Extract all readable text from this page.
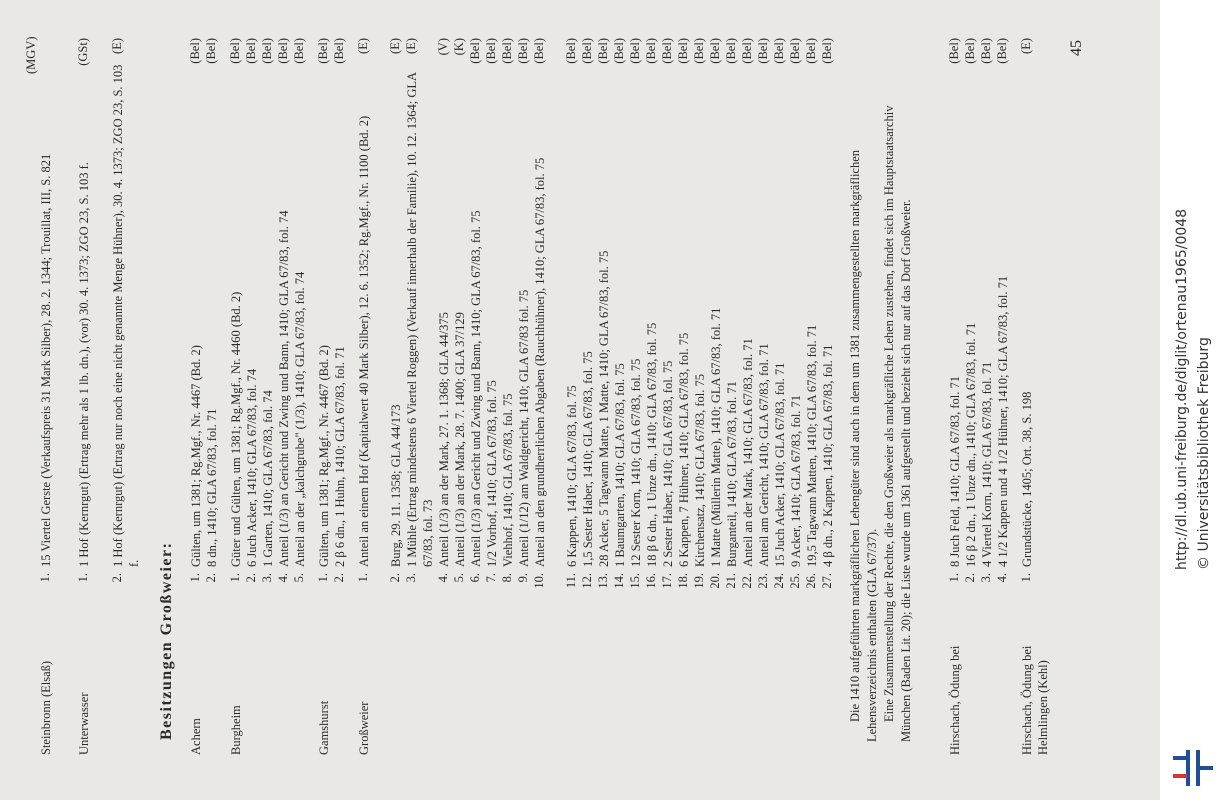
Steinbronn (Elsaß)
1.
15 Viertel Gerste (Verkaufspreis 31 Mark Silber), 28. 2. 1344; Trouillat, III, S. 821
(MGV)
Unterwasser
1.
1 Hof (Kernrgut) (Ertrag mehr als 1 lb. dn.), (vor) 30. 4. 1373; ZGO 23, S. 103 f.
(GSt)
2.
1 Hof (Kernrgut) (Ertrag nur noch eine nicht genannte Menge Hühner), 30. 4. 1373; ZGO 23, S. 103 f.
(E)
Besitzungen Großweier: Achern
1.
Gülten, um 1381; Rg.Mgf., Nr. 4467 (Bd. 2)
(Bel)
2.
8 dn., 1410; GLA 67/83, fol. 71
(Bel)
Burgheim
1.
Güter und Gülten, um 1381; Rg.Mgf., Nr. 4460 (Bd. 2)
(Bel)
2.
6 Juch Acker, 1410; GLA 67/83, fol. 74
(Bel)
3.
1 Garten, 1410; GLA 67/83, fol. 74
(Bel)
4.
Anteil (1/3) an Gericht und Zwing und Bann, 1410; GLA 67/83, fol. 74
(Bel)
5.
Anteil an der „kalchgrube" (1/3), 1410; GLA 67/83, fol. 74
(Bel)
Gamshurst
1.
Gülten, um 1381; Rg.Mgf., Nr. 4467 (Bd. 2)
(Bel)
2.
2 β 6 dn., 1 Huhn, 1410; GLA 67/83, fol. 71
(Bel)
Großweier
1.
Anteil an einem Hof (Kapitalwert 40 Mark Silber), 12. 6. 1352; Rg.Mgf., Nr. 1100 (Bd. 2)
(E)
2.
Burg, 29. 11. 1358; GLA 44/173
(E)
3.
1 Mühle (Ertrag mindestens 6 Viertel Roggen) (Verkauf innerhalb der Familie), 10. 12. 1364; GLA 67/83, fol. 73
(E)
4.
Anteil (1/3) an der Mark, 27. 1. 1368; GLA 44/375
(V)
5.
Anteil (1/3) an der Mark, 28. 7. 1400; GLA 37/129
(K)
6.
Anteil (1/3) an Gericht und Zwing und Bann, 1410; GLA 67/83, fol. 75
(Bel)
7.
1/2 Vorhof, 1410; GLA 67/83, fol. 75
(Bel)
8.
Viehhof, 1410; GLA 67/83, fol. 75
(Bel)
9.
Anteil (1/12) am Waldgericht, 1410; GLA 67/83 fol. 75
(Bel)
10.
Anteil an den grundherrlichen Abgaben (Rauchhühner), 1410; GLA 67/83, fol. 75
(Bel)
11.
6 Kappen, 1410; GLA 67/83, fol. 75
(Bel)
12.
1,5 Sester Haber, 1410; GLA 67/83, fol. 75
(Bel)
13.
28 Acker, 5 Tagwann Matte, 1 Matte, 1410; GLA 67/83, fol. 75
(Bel)
14.
1 Baumgarten, 1410; GLA 67/83, fol. 75
(Bel)
15.
12 Sester Korn, 1410; GLA 67/83, fol. 75
(Bel)
16.
18 β 6 dn., 1 Unze dn., 1410; GLA 67/83, fol. 75
(Bel)
17.
2 Sester Haber, 1410; GLA 67/83, fol. 75
(Bel)
18.
6 Kappen, 7 Hühner, 1410; GLA 67/83, fol. 75
(Bel)
19.
Kirchensatz, 1410; GLA 67/83, fol. 75
(Bel)
20.
1 Matte (Müllerin Matte), 1410; GLA 67/83, fol. 71
(Bel)
21.
Burganteil, 1410; GLA 67/83, fol. 71
(Bel)
22.
Anteil an der Mark, 1410; GLA 67/83, fol. 71
(Bel)
23.
Anteil am Gericht, 1410; GLA 67/83, fol. 71
(Bel)
24.
15 Juch Acker, 1410; GLA 67/83, fol. 71
(Bel)
25.
9 Acker, 1410; GLA 67/83, fol. 71
(Bel)
26.
19,5 Tagwann Matten, 1410; GLA 67/83, fol. 71
(Bel)
27.
4 β dn., 2 Kappen, 1410; GLA 67/83, fol. 71
(Bel)
Die 1410 aufgeführten markgräflichen Lehengüter sind auch in dem um 1381 zusammengestellten markgräflichen Lehensverzeichnis enthalten (GLA 67/37). Eine Zusammenstellung der Rechte, die den Großweier als markgräfliche Lehen zustehen, findet sich im Hauptstaatsarchiv München (Baden Lit. 20); die Liste wurde um 1361 aufgestellt und bezieht sich nur auf das Dorf Großweier.	Hirschach, Ödung bei
1.
8 Juch Feld, 1410; GLA 67/83, fol. 71
(Bel)
2.
16 β 2 dn., 1 Unze dn., 1410; GLA 67/83, fol. 71
(Bel)
3.
4 Viertel Korn, 1410; GLA 67/83, fol. 71
(Bel)
4.
4 1/2 Kappen und 4 1/2 Hühner, 1410; GLA 67/83, fol. 71
(Bel)
Hirschach, Ödung bei Helmlingen (Kehl)
1.
Grundstücke, 1405; Ort. 38, S. 198
(E) 45
http://dl.ub.uni-freiburg.de/diglit/ortenau1965/0048 © Universitätsbibliothek Freiburg
